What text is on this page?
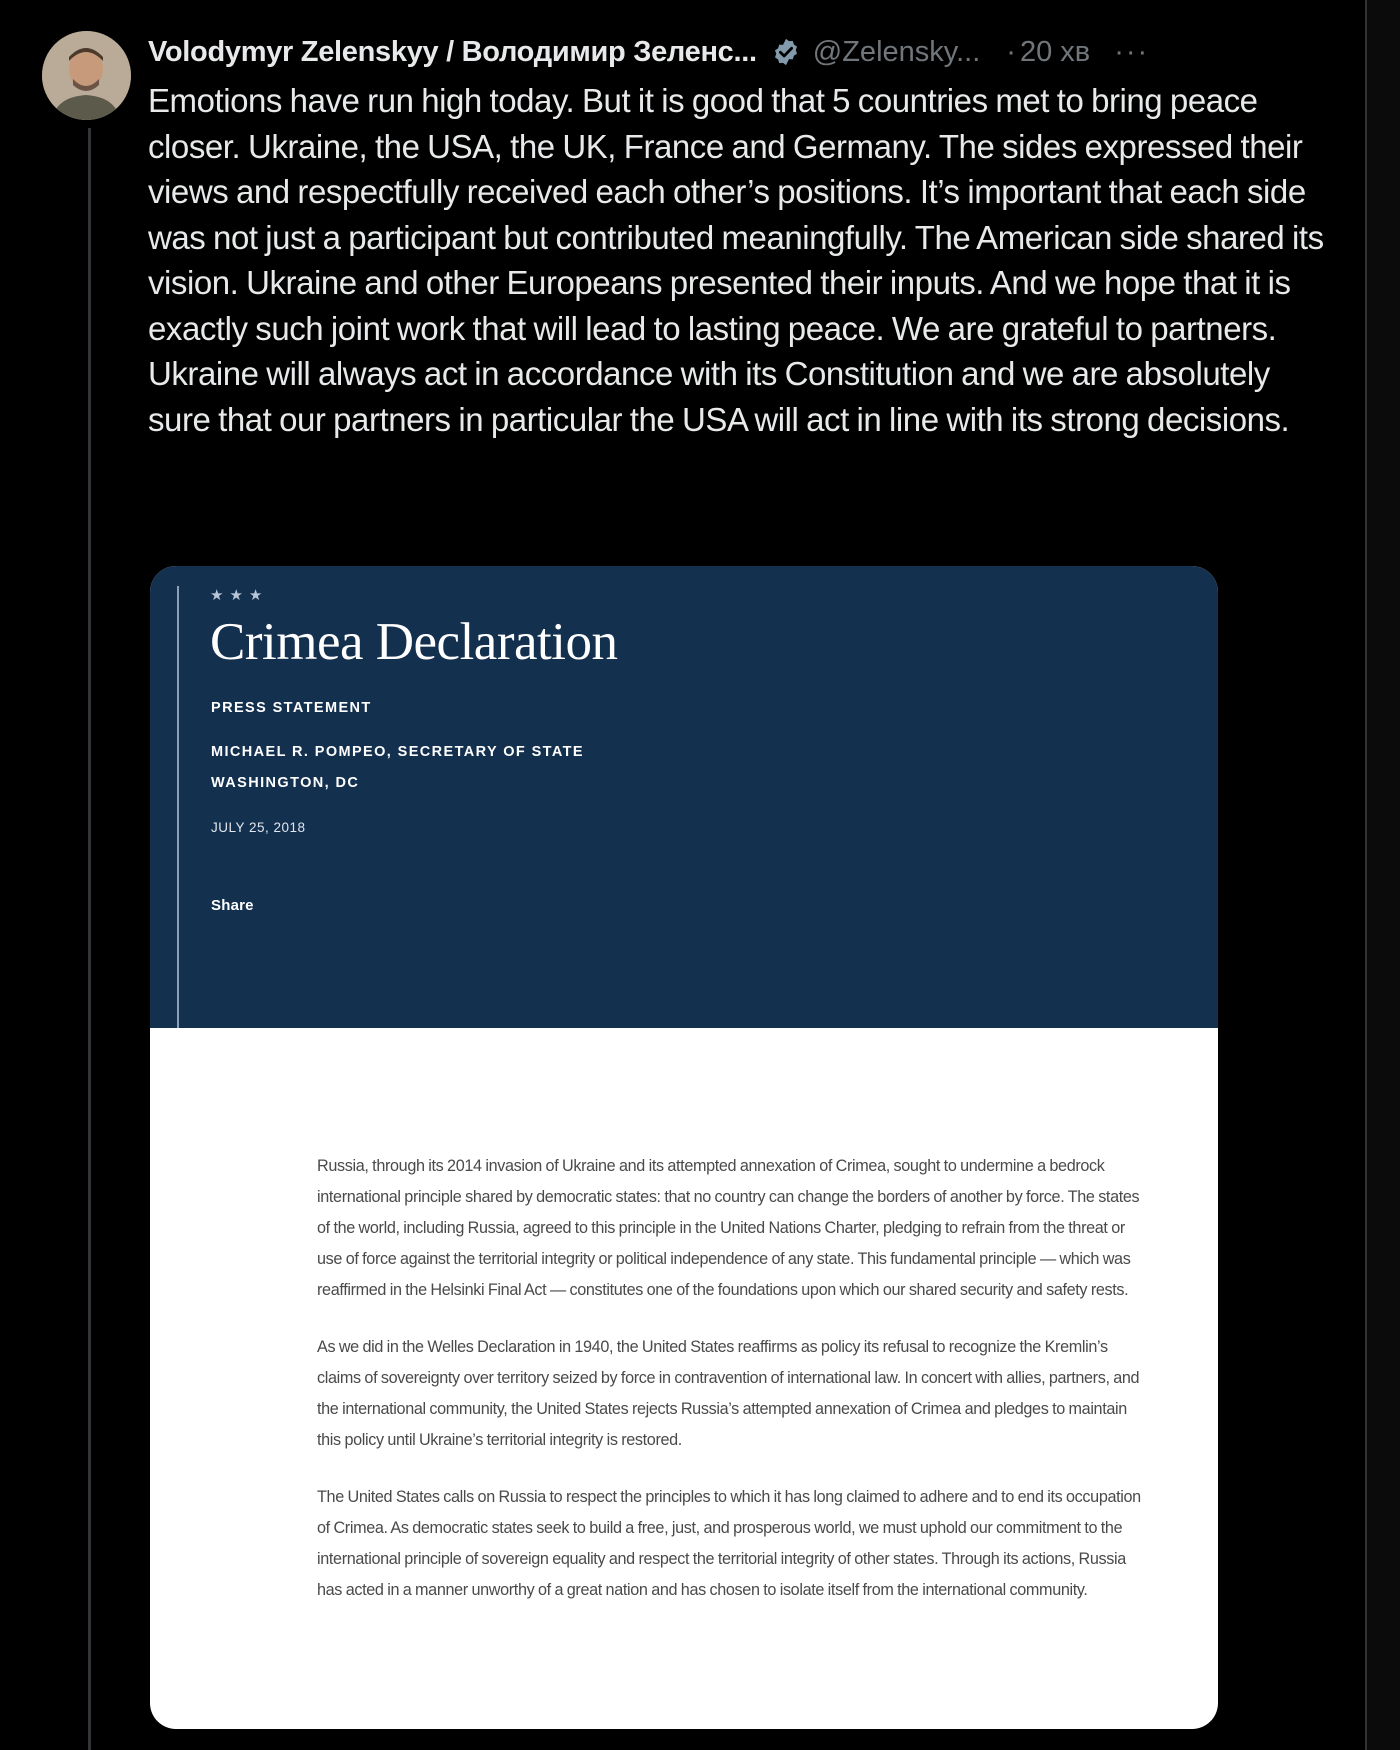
Volodymyr Zelenskyy / Володимир Зеленс... @Zelensky... · 20 хв ···
Emotions have run high today. But it is good that 5 countries met to bring peace closer. Ukraine, the USA, the UK, France and Germany. The sides expressed their views and respectfully received each other’s positions. It’s important that each side was not just a participant but contributed meaningfully. The American side shared its vision. Ukraine and other Europeans presented their inputs. And we hope that it is exactly such joint work that will lead to lasting peace. We are grateful to partners. Ukraine will always act in accordance with its Constitution and we are absolutely sure that our partners in particular the USA will act in line with its strong decisions.
★★★
Crimea Declaration
PRESS STATEMENT
MICHAEL R. POMPEO, SECRETARY OF STATE
WASHINGTON, DC
JULY 25, 2018
Share

Russia, through its 2014 invasion of Ukraine and its attempted annexation of Crimea, sought to undermine a bedrock international principle shared by democratic states: that no country can change the borders of another by force. The states of the world, including Russia, agreed to this principle in the United Nations Charter, pledging to refrain from the threat or use of force against the territorial integrity or political independence of any state. This fundamental principle — which was reaffirmed in the Helsinki Final Act — constitutes one of the foundations upon which our shared security and safety rests.

As we did in the Welles Declaration in 1940, the United States reaffirms as policy its refusal to recognize the Kremlin’s claims of sovereignty over territory seized by force in contravention of international law. In concert with allies, partners, and the international community, the United States rejects Russia’s attempted annexation of Crimea and pledges to maintain this policy until Ukraine’s territorial integrity is restored.

The United States calls on Russia to respect the principles to which it has long claimed to adhere and to end its occupation of Crimea. As democratic states seek to build a free, just, and prosperous world, we must uphold our commitment to the international principle of sovereign equality and respect the territorial integrity of other states. Through its actions, Russia has acted in a manner unworthy of a great nation and has chosen to isolate itself from the international community.
